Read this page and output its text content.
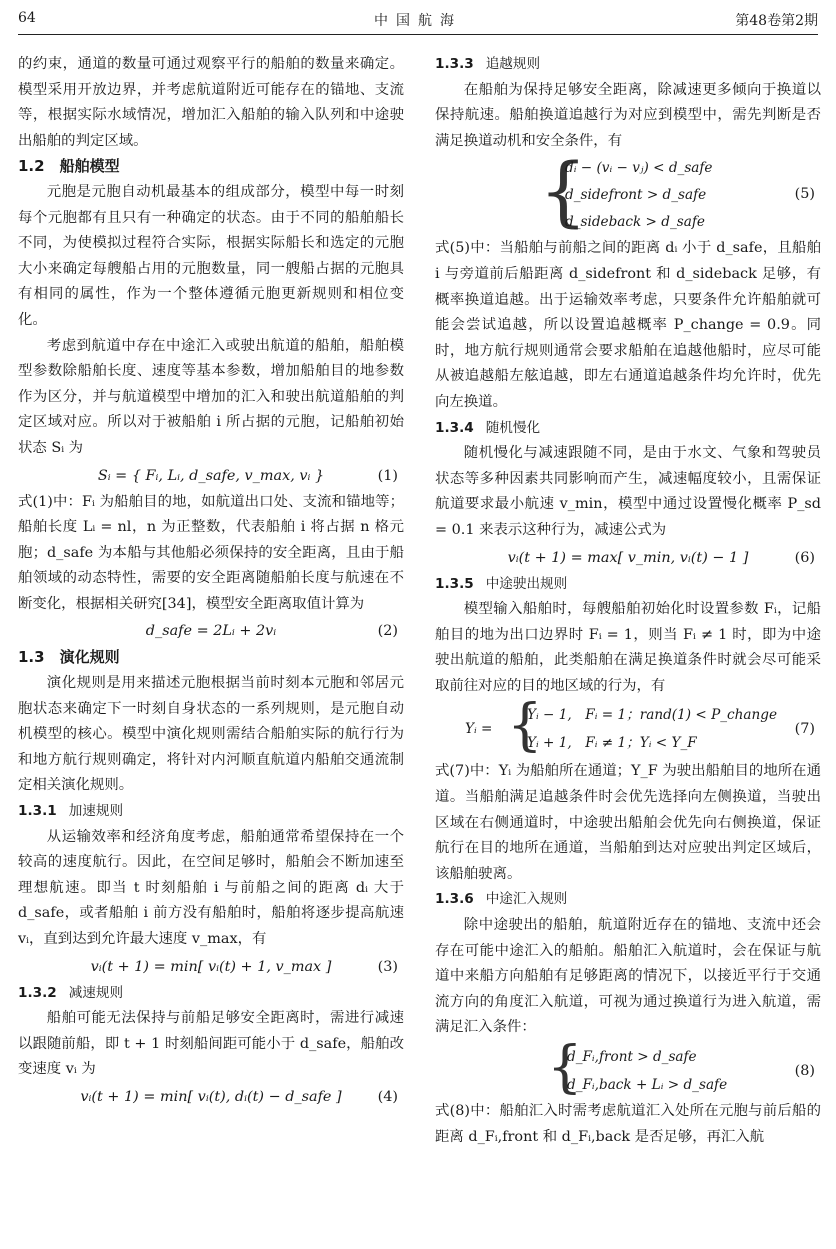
64	中国航海	第48卷第2期

的约束，通道的数量可通过观察平行的船舶的数量来确定。模型采用开放边界，并考虑航道附近可能存在的锚地、支流等，根据实际水域情况，增加汇入船舶的输入队列和中途驶出船舶的判定区域。

1.2　船舶模型

元胞是元胞自动机最基本的组成部分，模型中每一时刻每个元胞都有且只有一种确定的状态。由于不同的船舶船长不同，为使模拟过程符合实际，根据实际船长和选定的元胞大小来确定每艘船占用的元胞数量，同一艘船占据的元胞具有相同的属性，作为一个整体遵循元胞更新规则和相位变化。

考虑到航道中存在中途汇入或驶出航道的船舶，船舶模型参数除船舶长度、速度等基本参数，增加船舶目的地参数作为区分，并与航道模型中增加的汇入和驶出航道船舶的判定区域对应。所以对于被船舶 i 所占据的元胞，记船舶初始状态 Sᵢ 为

Sᵢ = { Fᵢ, Lᵢ, d_safe, v_max, vᵢ }	(1)

式(1)中：Fᵢ 为船舶目的地，如航道出口处、支流和锚地等；船舶长度 Lᵢ = nl，n 为正整数，代表船舶 i 将占据 n 格元胞；d_safe 为本船与其他船必须保持的安全距离，且由于船舶领域的动态特性，需要的安全距离随船舶长度与航速在不断变化，根据相关研究[34]，模型安全距离取值计算为

d_safe = 2Lᵢ + 2vᵢ	(2)
1.3　演化规则

演化规则是用来描述元胞根据当前时刻本元胞和邻居元胞状态来确定下一时刻自身状态的一系列规则，是元胞自动机模型的核心。模型中演化规则需结合船舶实际的航行行为和地方航行规则确定，将针对内河顺直航道内船舶交通流制定相关演化规则。

1.3.1 加速规则

从运输效率和经济角度考虑，船舶通常希望保持在一个较高的速度航行。因此，在空间足够时，船舶会不断加速至理想航速。即当 t 时刻船舶 i 与前船之间的距离 dᵢ 大于 d_safe，或者船舶 i 前方没有船舶时，船舶将逐步提高航速 vᵢ，直到达到允许最大速度 v_max，有

vᵢ(t + 1) = min[ vᵢ(t) + 1, v_max ]	(3)
1.3.2 减速规则

船舶可能无法保持与前船足够安全距离时，需进行减速以跟随前船，即 t + 1 时刻船间距可能小于 d_safe，船舶改变速度 vᵢ 为

vᵢ(t + 1) = min[ vᵢ(t), dᵢ(t) − d_safe ]	(4)
1.3.3 追越规则

在船舶为保持足够安全距离，除减速更多倾向于换道以保持航速。船舶换道追越行为对应到模型中，需先判断是否满足换道动机和安全条件，有

{
dᵢ − (vᵢ − vⱼ) < d_safe
d_sidefront > d_safe
d_sideback > d_safe
(5)

式(5)中：当船舶与前船之间的距离 dᵢ 小于 d_safe，且船舶 i 与旁道前后船距离 d_sidefront 和 d_sideback 足够，有概率换道追越。出于运输效率考虑，只要条件允许船舶就可能会尝试追越，所以设置追越概率 P_change = 0.9。同时，地方航行规则通常会要求船舶在追越他船时，应尽可能从被追越船左舷追越，即左右通道追越条件均允许时，优先向左换道。

1.3.4 随机慢化

随机慢化与减速跟随不同，是由于水文、气象和驾驶员状态等多种因素共同影响而产生，减速幅度较小，且需保证航道要求最小航速 v_min，模型中通过设置慢化概率 P_sd = 0.1 来表示这种行为，减速公式为

vᵢ(t + 1) = max[ v_min, vᵢ(t) − 1 ]	(6)
1.3.5 中途驶出规则

模型输入船舶时，每艘船舶初始化时设置参数 Fᵢ，记船舶目的地为出口边界时 Fᵢ = 1，则当 Fᵢ ≠ 1 时，即为中途驶出航道的船舶，此类船舶在满足换道条件时就会尽可能采取前往对应的目的地区域的行为，有

Yᵢ = {
Yᵢ − 1,　Fᵢ = 1；rand(1) < P_change
Yᵢ + 1,　Fᵢ ≠ 1；Yᵢ < Y_F
(7)

式(7)中：Yᵢ 为船舶所在通道；Y_F 为驶出船舶目的地所在通道。当船舶满足追越条件时会优先选择向左侧换道，当驶出区域在右侧通道时，中途驶出船舶会优先向右侧换道，保证航行在目的地所在通道，当船舶到达对应驶出判定区域后，该船舶驶离。

1.3.6 中途汇入规则

除中途驶出的船舶，航道附近存在的锚地、支流中还会存在可能中途汇入的船舶。船舶汇入航道时，会在保证与航道中来船方向船舶有足够距离的情况下，以接近平行于交通流方向的角度汇入航道，可视为通过换道行为进入航道，需满足汇入条件：

{
d_Fᵢ,front > d_safe
d_Fᵢ,back + Lᵢ > d_safe
(8)

式(8)中：船舶汇入时需考虑航道汇入处所在元胞与前后船的距离 d_Fᵢ,front 和 d_Fᵢ,back 是否足够，再汇入航
